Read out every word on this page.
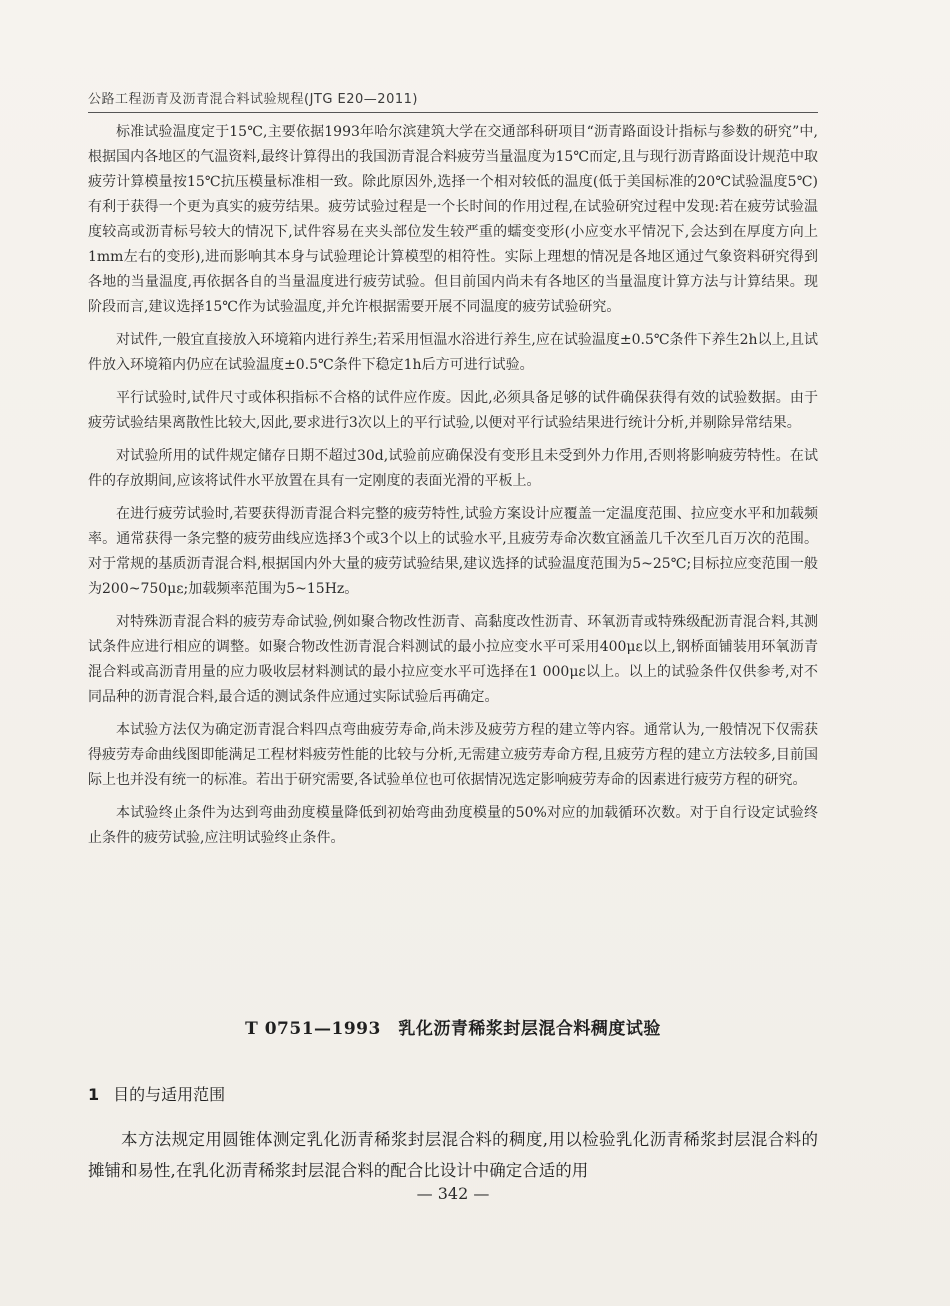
公路工程沥青及沥青混合料试验规程(JTG E20—2011)

标准试验温度定于15℃,主要依据1993年哈尔滨建筑大学在交通部科研项目“沥青路面设计指标与参数的研究”中,根据国内各地区的气温资料,最终计算得出的我国沥青混合料疲劳当量温度为15℃而定,且与现行沥青路面设计规范中取疲劳计算模量按15℃抗压模量标准相一致。除此原因外,选择一个相对较低的温度(低于美国标准的20℃试验温度5℃)有利于获得一个更为真实的疲劳结果。疲劳试验过程是一个长时间的作用过程,在试验研究过程中发现:若在疲劳试验温度较高或沥青标号较大的情况下,试件容易在夹头部位发生较严重的蠕变变形(小应变水平情况下,会达到在厚度方向上1mm左右的变形),进而影响其本身与试验理论计算模型的相符性。实际上理想的情况是各地区通过气象资料研究得到各地的当量温度,再依据各自的当量温度进行疲劳试验。但目前国内尚未有各地区的当量温度计算方法与计算结果。现阶段而言,建议选择15℃作为试验温度,并允许根据需要开展不同温度的疲劳试验研究。

对试件,一般宜直接放入环境箱内进行养生;若采用恒温水浴进行养生,应在试验温度±0.5℃条件下养生2h以上,且试件放入环境箱内仍应在试验温度±0.5℃条件下稳定1h后方可进行试验。

平行试验时,试件尺寸或体积指标不合格的试件应作废。因此,必须具备足够的试件确保获得有效的试验数据。由于疲劳试验结果离散性比较大,因此,要求进行3次以上的平行试验,以便对平行试验结果进行统计分析,并剔除异常结果。

对试验所用的试件规定储存日期不超过30d,试验前应确保没有变形且未受到外力作用,否则将影响疲劳特性。在试件的存放期间,应该将试件水平放置在具有一定刚度的表面光滑的平板上。

在进行疲劳试验时,若要获得沥青混合料完整的疲劳特性,试验方案设计应覆盖一定温度范围、拉应变水平和加载频率。通常获得一条完整的疲劳曲线应选择3个或3个以上的试验水平,且疲劳寿命次数宜涵盖几千次至几百万次的范围。对于常规的基质沥青混合料,根据国内外大量的疲劳试验结果,建议选择的试验温度范围为5~25℃;目标拉应变范围一般为200~750με;加载频率范围为5~15Hz。

对特殊沥青混合料的疲劳寿命试验,例如聚合物改性沥青、高黏度改性沥青、环氧沥青或特殊级配沥青混合料,其测试条件应进行相应的调整。如聚合物改性沥青混合料测试的最小拉应变水平可采用400με以上,钢桥面铺装用环氧沥青混合料或高沥青用量的应力吸收层材料测试的最小拉应变水平可选择在1 000με以上。以上的试验条件仅供参考,对不同品种的沥青混合料,最合适的测试条件应通过实际试验后再确定。

本试验方法仅为确定沥青混合料四点弯曲疲劳寿命,尚未涉及疲劳方程的建立等内容。通常认为,一般情况下仅需获得疲劳寿命曲线图即能满足工程材料疲劳性能的比较与分析,无需建立疲劳寿命方程,且疲劳方程的建立方法较多,目前国际上也并没有统一的标准。若出于研究需要,各试验单位也可依据情况选定影响疲劳寿命的因素进行疲劳方程的研究。

本试验终止条件为达到弯曲劲度模量降低到初始弯曲劲度模量的50%对应的加载循环次数。对于自行设定试验终止条件的疲劳试验,应注明试验终止条件。

T 0751—1993　乳化沥青稀浆封层混合料稠度试验
1 目的与适用范围

本方法规定用圆锥体测定乳化沥青稀浆封层混合料的稠度,用以检验乳化沥青稀浆封层混合料的摊铺和易性,在乳化沥青稀浆封层混合料的配合比设计中确定合适的用

— 342 —
